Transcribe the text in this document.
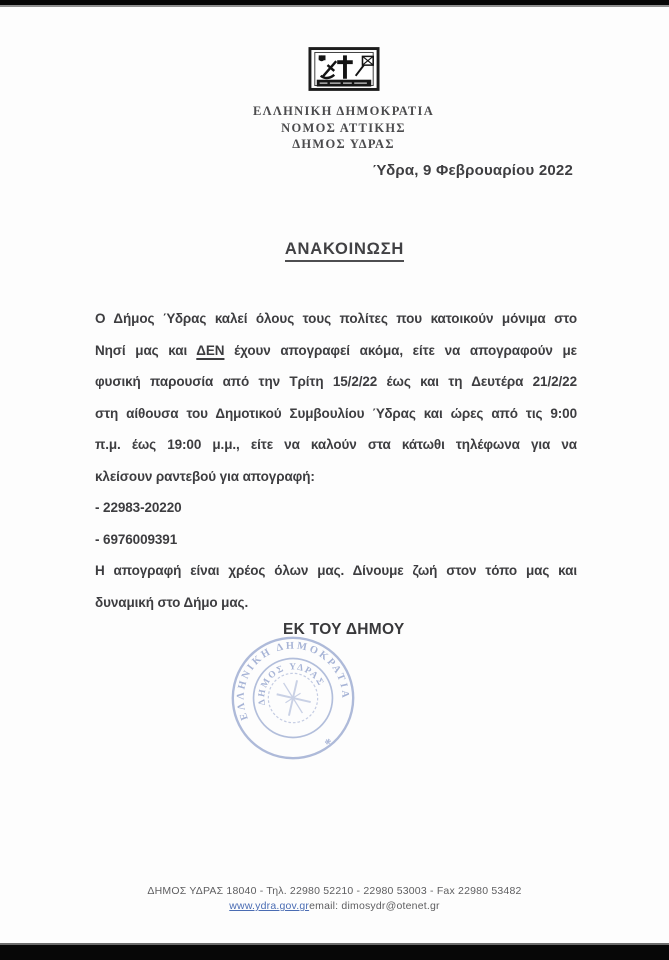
ΕΛΛΗΝΙΚΗ ΔΗΜΟΚΡΑΤΙΑ
ΝΟΜΟΣ ΑΤΤΙΚΗΣ
ΔΗΜΟΣ ΥΔΡΑΣ
Ύδρα, 9 Φεβρουαρίου 2022
ΑΝΑΚΟΙΝΩΣΗ
Ο Δήμος Ύδρας καλεί όλους τους πολίτες που κατοικούν μόνιμα στο
Νησί μας και ΔΕΝ έχουν απογραφεί ακόμα, είτε να απογραφούν με
φυσική παρουσία από την Τρίτη 15/2/22 έως και τη Δευτέρα 21/2/22
στη αίθουσα του Δημοτικού Συμβουλίου Ύδρας και ώρες από τις 9:00
π.μ. έως 19:00 μ.μ., είτε να καλούν στα κάτωθι τηλέφωνα για να
κλείσουν ραντεβού για απογραφή:
- 22983-20220
- 6976009391
Η απογραφή είναι χρέος όλων μας. Δίνουμε ζωή στον τόπο μας και
δυναμική στο Δήμο μας.
ΕΚ ΤΟΥ ΔΗΜΟΥ
ΕΛΛΗΝΙΚΗ ΔΗΜΟΚΡΑΤΙΑ
ΔΗΜΟΣ ΥΔΡΑΣ
*
ΔΗΜΟΣ ΥΔΡΑΣ 18040 - Τηλ. 22980 52210 - 22980 53003 - Fax 22980 53482
www.ydra.gov.gremail: dimosydr@otenet.gr
